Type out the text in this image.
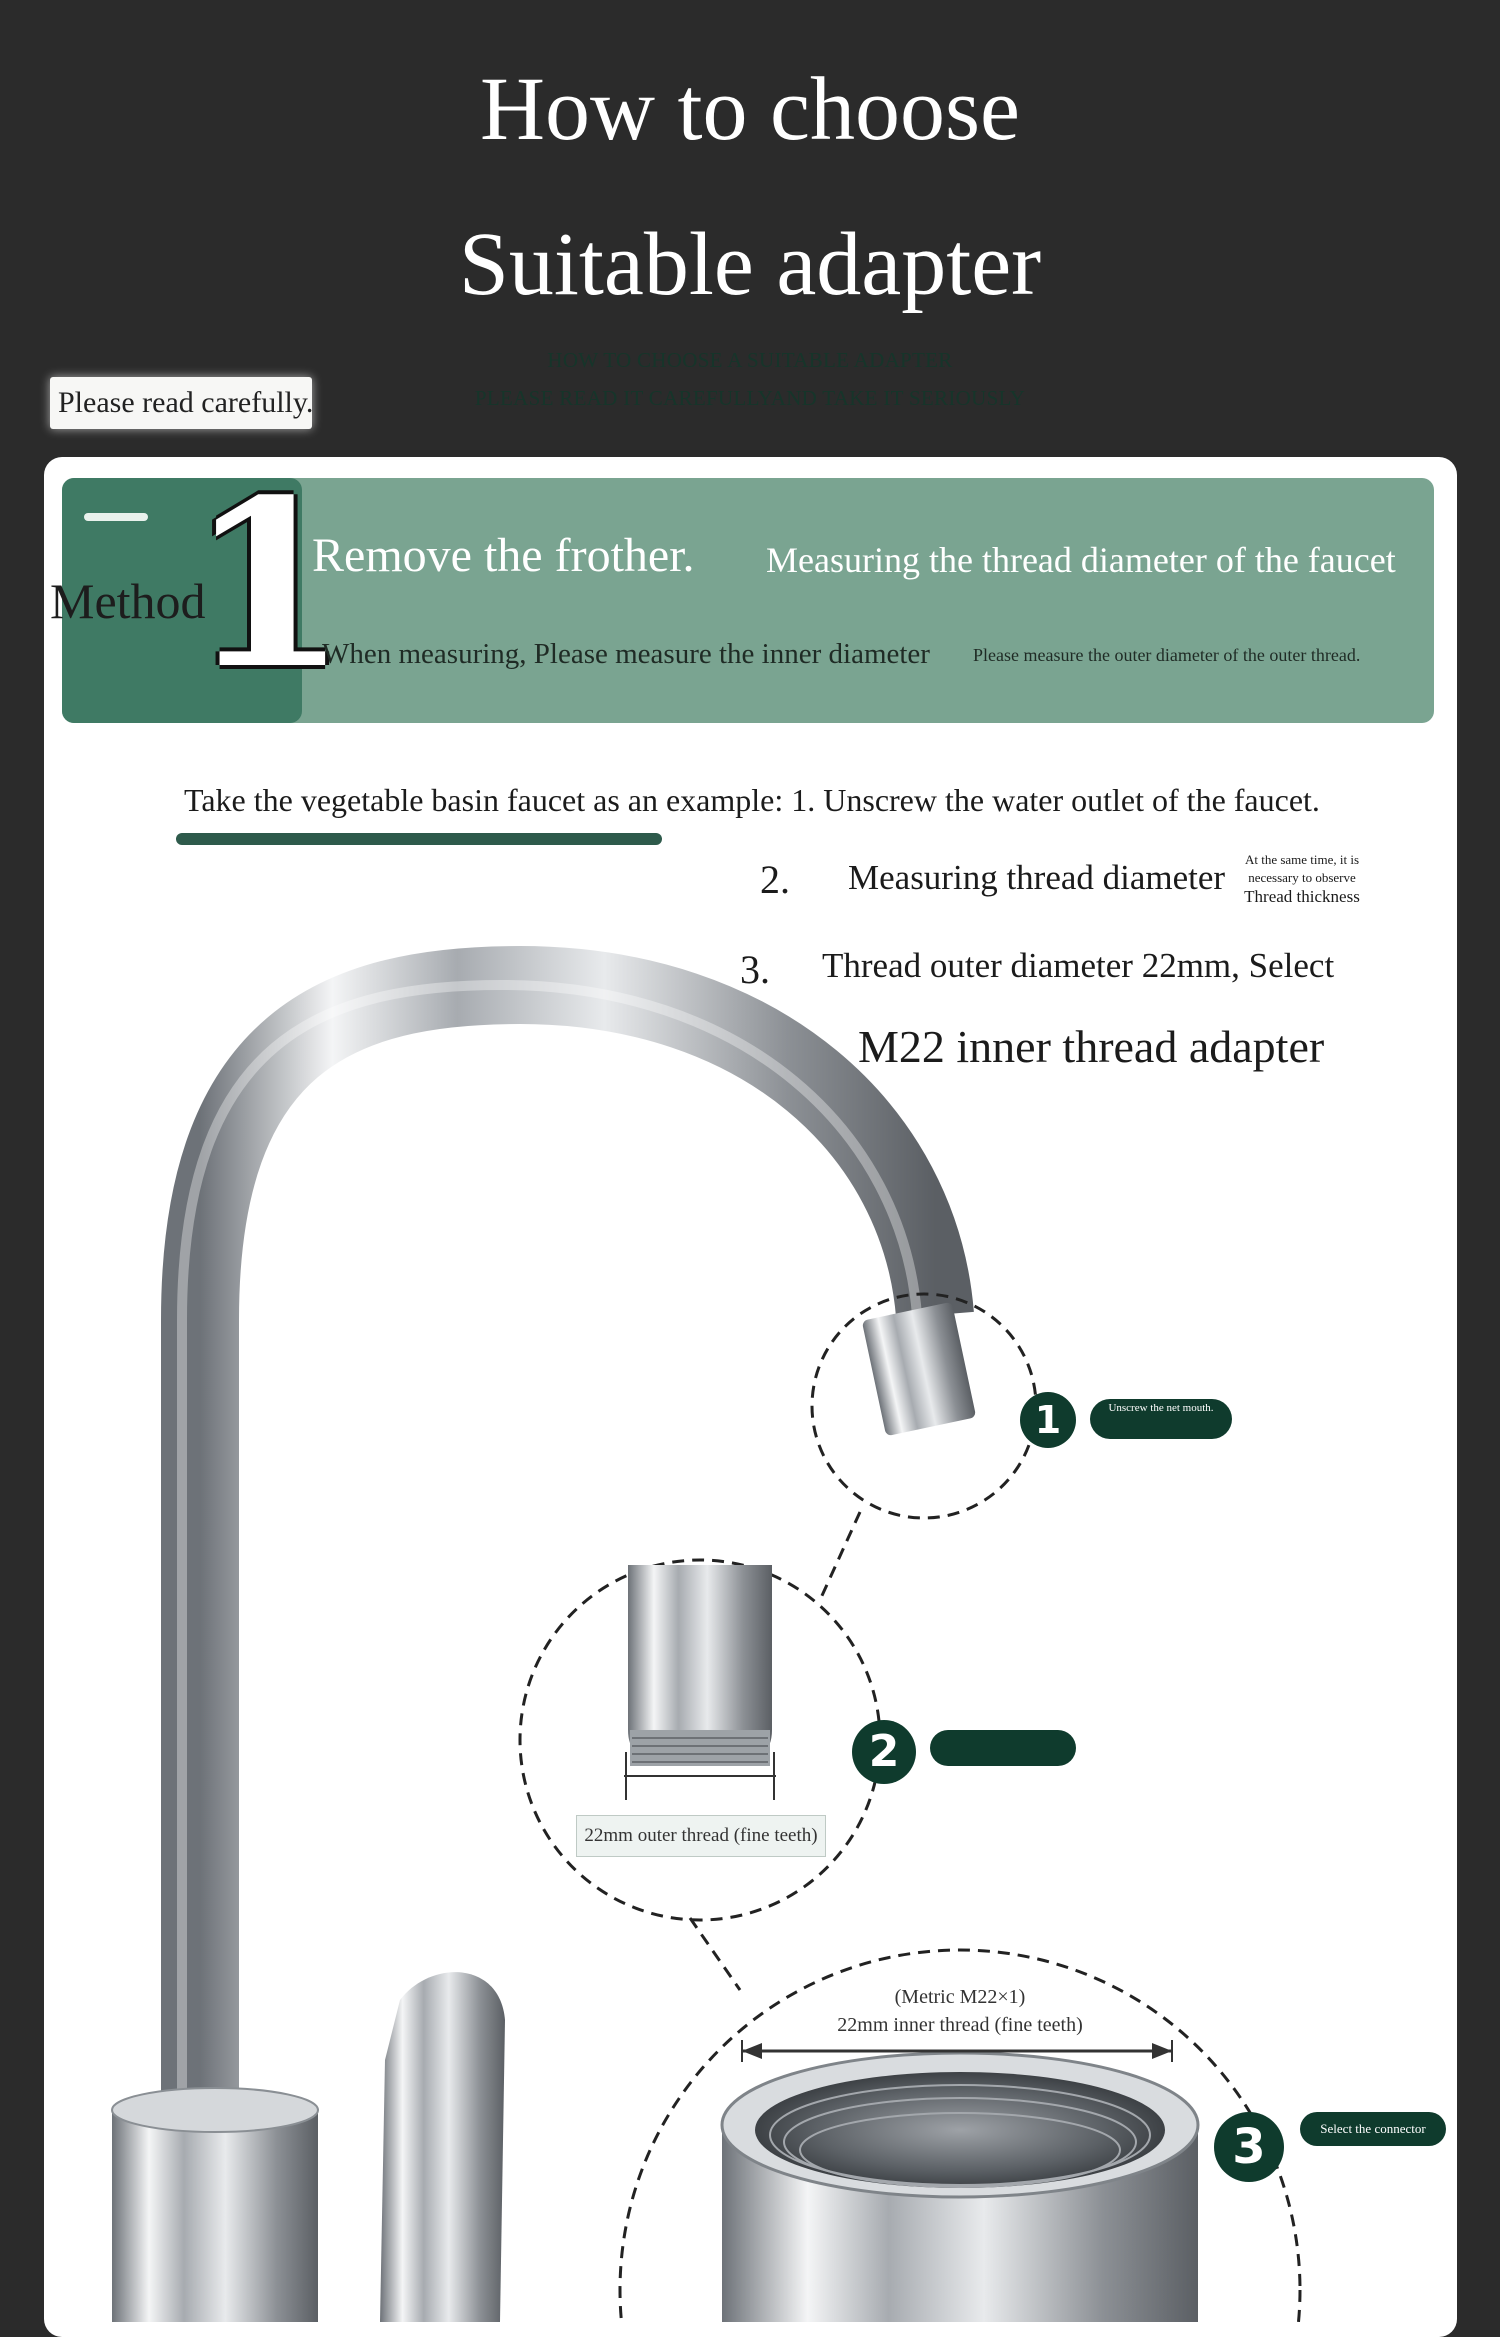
How to choose
Suitable adapter
HOW TO CHOOSE A SUITABLE ADAPTER
PLEASE READ IT CAREFULLYAND TAKE IT SERIOUSLY
Please read carefully.
Method
1
Remove the frother. Measuring the thread diameter of the faucet
When measuring, Please measure the inner diameter Please measure the outer diameter of the outer thread.
Take the vegetable basin faucet as an example: 1. Unscrew the water outlet of the faucet.
2. Measuring thread diameter	At the same time, it is
necessary to observe
Thread thickness
3. Thread outer diameter 22mm, Select
M22 inner thread adapter
1	Unscrew the net mouth.
2
22mm outer thread (fine teeth)
3	Select the connector
(Metric M22×1)
22mm inner thread (fine teeth)
